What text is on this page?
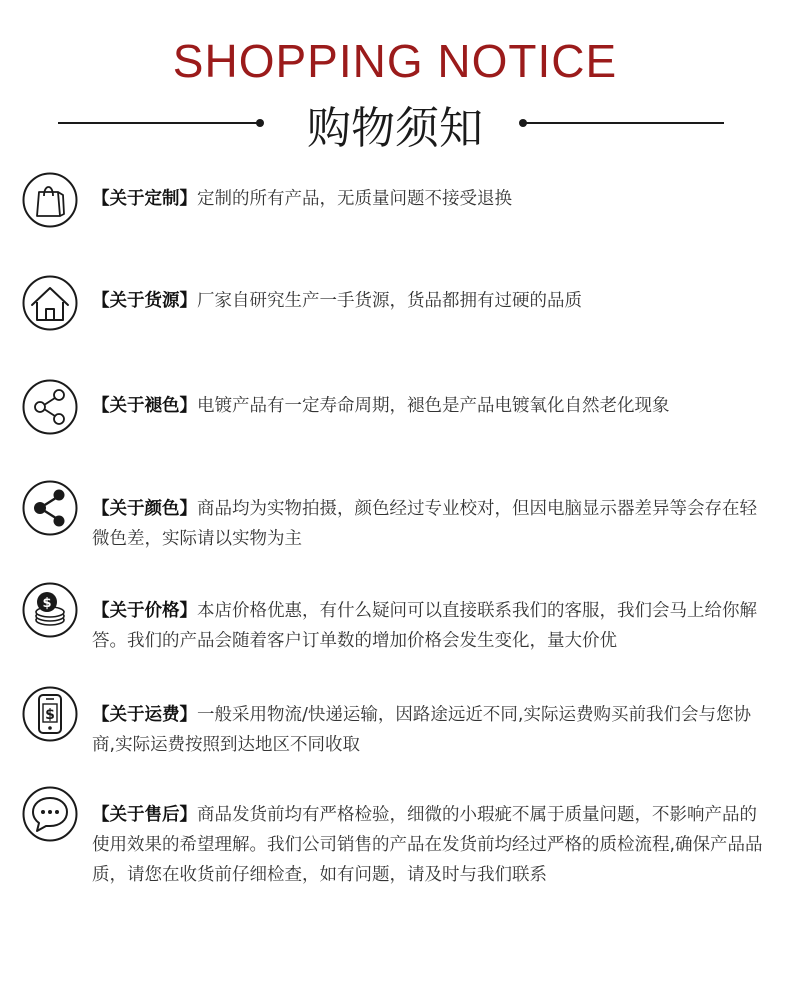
SHOPPING NOTICE
购物须知
【关于定制】定制的所有产品，无质量问题不接受退换
【关于货源】厂家自研究生产一手货源，货品都拥有过硬的品质
【关于褪色】电镀产品有一定寿命周期，褪色是产品电镀氧化自然老化现象
【关于颜色】商品均为实物拍摄，颜色经过专业校对，但因电脑显示器差异等会存在轻微色差，实际请以实物为主
$ 【关于价格】本店价格优惠，有什么疑问可以直接联系我们的客服，我们会马上给你解答。我们的产品会随着客户订单数的增加价格会发生变化，量大价优
$ 【关于运费】一般采用物流/快递运输，因路途远近不同,实际运费购买前我们会与您协商,实际运费按照到达地区不同收取
【关于售后】商品发货前均有严格检验，细微的小瑕疵不属于质量问题，不影响产品的使用效果的希望理解。我们公司销售的产品在发货前均经过严格的质检流程,确保产品品质，请您在收货前仔细检查，如有问题，请及时与我们联系
